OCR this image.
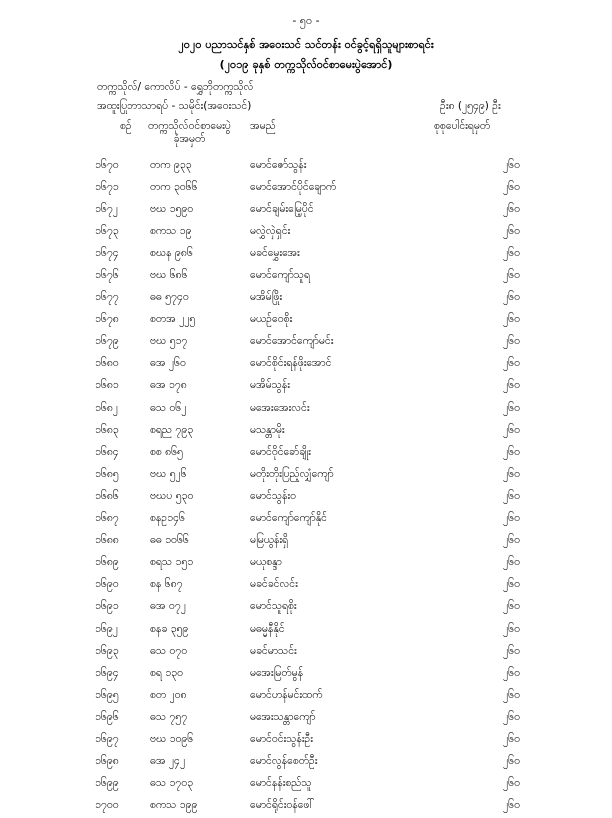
- ၅၀ -
၂၀၂၀ ပညာသင်နှစ် အဝေးသင် သင်တန်း ဝင်ခွင့်ရရှိသူများစာရင်း
(၂၀၁၉ ခုနှစ် တက္ကသိုလ်ဝင်စာမေးပွဲအောင်)
တက္ကသိုလ်/ ကောလိပ် - ရွှေဘိုတက္ကသိုလ်
အထူးပြုဘာသာရပ် - သမိုင်း(အဝေးသင်)	ဦး၈ (၂၅၄၉) ဦး
စဉ် တက္ကသိုလ်ဝင်စာမေးပွဲ
ခုံအမှတ်
အမည်	စုစုပေါင်းရမှတ်
၁၆၇၀	တက ၉၃၃	မောင်ဇော်သွန်း	၂၆၀
၁၆၇၁	တက ၃၀၆၆	မောင်အောင်ပိုင်ချောက်	၂၆၀
၁၆၇၂	ဗဃ ၁၅၉၀	မောင်ချမ်းမြေ့ပိုင်	၂၆၀
၁၆၇၃	စကသ ၁၉	မလွှဲလှဲရှင်း	၂၆၀
၁၆၇၄	စဃန ၉၈၆	မခင်မွှေးအေး	၂၆၀
၁၆၇၆	ဗဃ ၆၈၆	မောင်ကျော်သူရ	၂၆၀
၁၆၇၇	ဓဓ ၅၇၄၀	မအိမ်ဖြိုး	၂၆၀
၁၆၇၈	စတအ ၂၂၅	မယဉ်ဝေစိုး	၂၆၀
၁၆၇၉	ဗဃ ၅၁၇	မောင်အောင်ကျော်မင်း	၂၆၀
၁၆၈၀	ဓအ ၂၆၀	မောင်စိုင်းရန်ဖိုးအောင်	၂၆၀
၁၆၈၁	ဓအ ၁၇၈	မအိမ်သွန်း	၂၆၀
၁၆၈၂	ဓသ ၀၆၂	မအေးအေးလင်း	၂၆၀
၁၆၈၃	စရည ၇၉၃	မသန္တာမိုး	၂၆၀
၁၆၈၄	စစ ၈၆၅	မောင်ဝိုင်ခော်ချိုး	၂၆၀
၁၆၈၅	ဗဃ ၅၂၆	မတိုးတိုးပြည့်လျှံကျော်	၂၆၀
၁၆၈၆	ဗဃပ ၅၃၀	မောင်သွန်း၀	၂၆၀
၁၆၈၇	စနဥ၁၄၆	မောင်ကျော်ကျော်နိုင်	၂၆၀
၁၆၈၈	ဓဓ ၁၀၆၆	မမြယွန်းရှိ	၂၆၀
၁၆၈၉	စရသ ၁၅၁	မယုစန္ဒာ	၂၆၀
၁၆၉၀	စန ၆၈၇	မခင်ခင်လင်း	၂၆၀
၁၆၉၁	ဓအ ၀၇၂	မောင်သူရစိုး	၂၆၀
၁၆၉၂	စနခ ၃၅၉	မဓမ္မနီနိုင်	၂၆၀
၁၆၉၃	ဓသ ၀၇၀	မခင်မာသင်း	၂၆၀
၁၆၉၄	စရ ၁၃၀	မအေးမြတ်မွန်	၂၆၀
၁၆၉၅	စတ ၂၀၈	မောင်ဟန်မင်းထက်	၂၆၀
၁၆၉၆	ဓသ ၇၅၇	မအေးသန္တာကျော်	၂၆၀
၁၆၉၇	ဗဃ ၁၀၉၆	မောင်ဝင်းသွန်းဦး	၂၆၀
၁၆၉၈	ဓအ ၂၄၂	မောင်လွန်စေတ်ဦး	၂၆၀
၁၆၉၉	ဓသ ၁၇၀၃	မောင်နန်းစည်သူ	၂၆၀
၁၇၀၀	စကသ ၁၉၉	မောင်ရိုင်းဝန်ဖေါ်	၂၆၀
